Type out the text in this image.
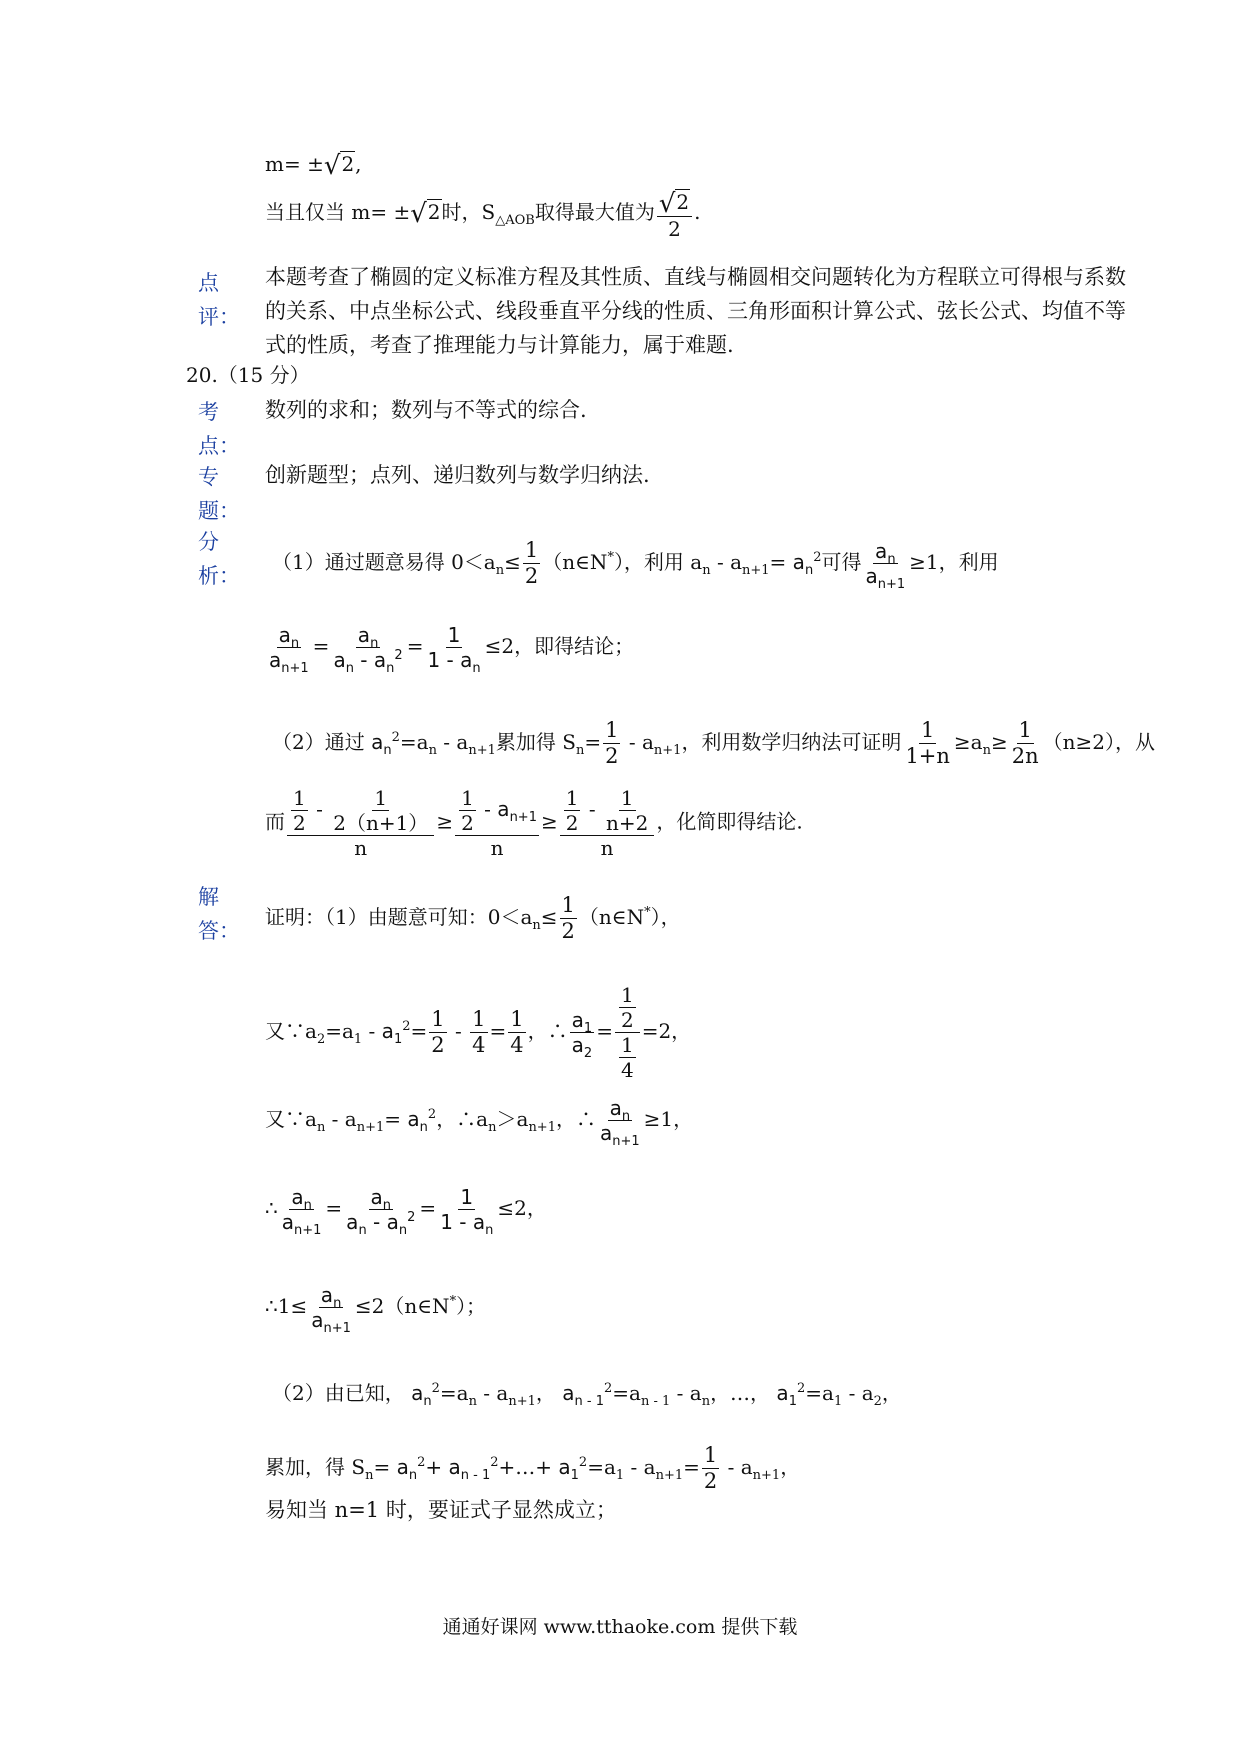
m= ±√2,
当且仅当 m= ±√2时，$S_{\triangle AOB}$取得最大值为 $\frac{√2}{2}$ .
点评：
本题考查了椭圆的定义标准方程及其性质、直线与椭圆相交问题转化为方程联立可得根与系数的关系、中点坐标公式、线段垂直平分线的性质、三角形面积计算公式、弦长公式、均值不等式的性质，考查了推理能力与计算能力，属于难题.
20.（15 分）
考点：
数列的求和；数列与不等式的综合.
专题：
创新题型；点列、递归数列与数学归纳法.
分析：
（1）通过题意易得 $0<a_n\le \frac{1}{2}$ （n∈N*），利用 $a_n - a_{n+1}= a_n^2$可得 $\frac{a_n}{a_{n+1}} \ge 1$，利用
$\frac{a_n}{a_{n+1}} = \frac{a_n}{a_n - a_n^2} = \frac{1}{1 - a_n} \le 2$，即得结论；
（2）通过 $a_n^2=a_n - a_{n+1}$累加得 $S_n= \frac{1}{2} - a_{n+1}$，利用数学归纳法可证明 $\frac{1}{1+n} \ge a_n\ge \frac{1}{2n} (n\ge 2)$，从
而 $\frac{\frac{1}{2} - \frac{1}{2(n+1)}}{n} \ge \frac{\frac{1}{2} - a_{n+1}}{n} \ge \frac{\frac{1}{2} - \frac{1}{n+2}}{n}$ ，化简即得结论.
解答：
证明：（1）由题意可知：$0<a_n\le \frac{1}{2}$ （n∈N*），
又$\because a_2=a_1 - a_1^2= \frac{1}{2} - \frac{1}{4} = \frac{1}{4}$ ，∴ $\frac{a_1}{a_2} = \frac{\frac{1}{2}}{\frac{1}{4}} =2$，
又$\because a_n - a_{n+1}= a_n^2$，$\therefore a_n>a_{n+1}$，∴ $\frac{a_n}{a_{n+1}} \ge 1$，
∴ $\frac{a_n}{a_{n+1}} = \frac{a_n}{a_n - a_n^2} = \frac{1}{1 - a_n} \le 2$，
∴1≤ $\frac{a_n}{a_{n+1}}$ ≤2（n∈N*）；
（2）由已知， $a_n^2=a_n - a_{n+1}$， $a_{n - 1}^2=a_{n - 1} - a_n$，…， $a_1^2=a_1 - a_2$，
累加，得 $S_n= a_n^2+$ $a_{n - 1}^2+\dots+ a_1^2=a_1 - a_{n+1}= \frac{1}{2} - a_{n+1}$，
易知当 n=1 时，要证式子显然成立；
通通好课网 www.tthaoke.com 提供下载
